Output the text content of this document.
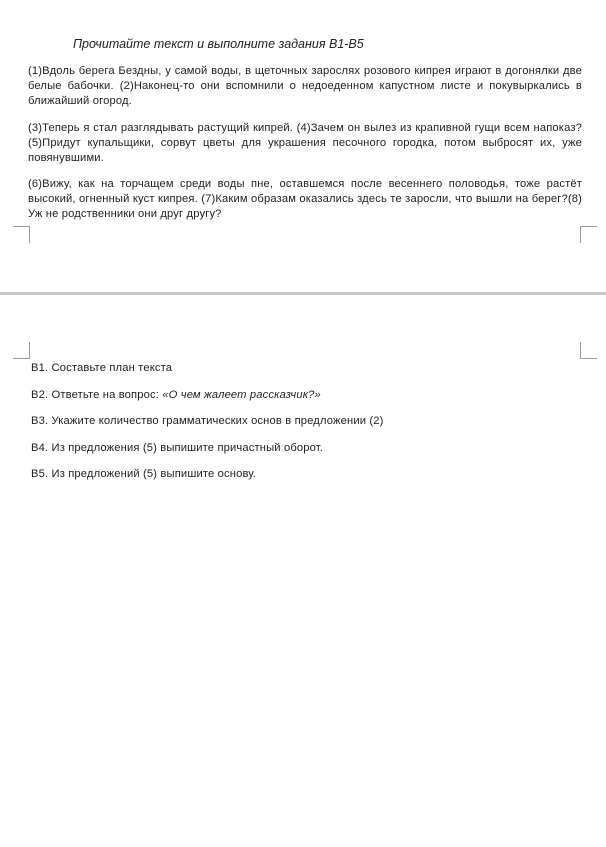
Прочитайте текст и выполните задания В1-В5
(1)Вдоль берега Бездны, у самой воды, в щеточных зарослях розового кипрея играют в догонялки две белые бабочки. (2)Наконец-то они вспомнили о недоеденном капустном листе и покувыркались в ближайший огород.
(3)Теперь я стал разглядывать растущий кипрей. (4)Зачем он вылез из крапивной гущи всем напоказ? (5)Придут купальщики, сорвут цветы для украшения песочного городка, потом выбросят их, уже повянувшими.
(6)Вижу, как на торчащем среди воды пне, оставшемся после весеннего половодья, тоже растёт высокий, огненный куст кипрея. (7)Каким образам оказались здесь те заросли, что вышли на берег?(8) Уж не родственники они друг другу?
В1. Составьте план текста
В2. Ответьте на вопрос: «О чем жалеет рассказчик?»
В3. Укажите количество грамматических основ в предложении (2)
В4. Из предложения (5) выпишите причастный оборот.
В5. Из предложений (5) выпишите основу.
